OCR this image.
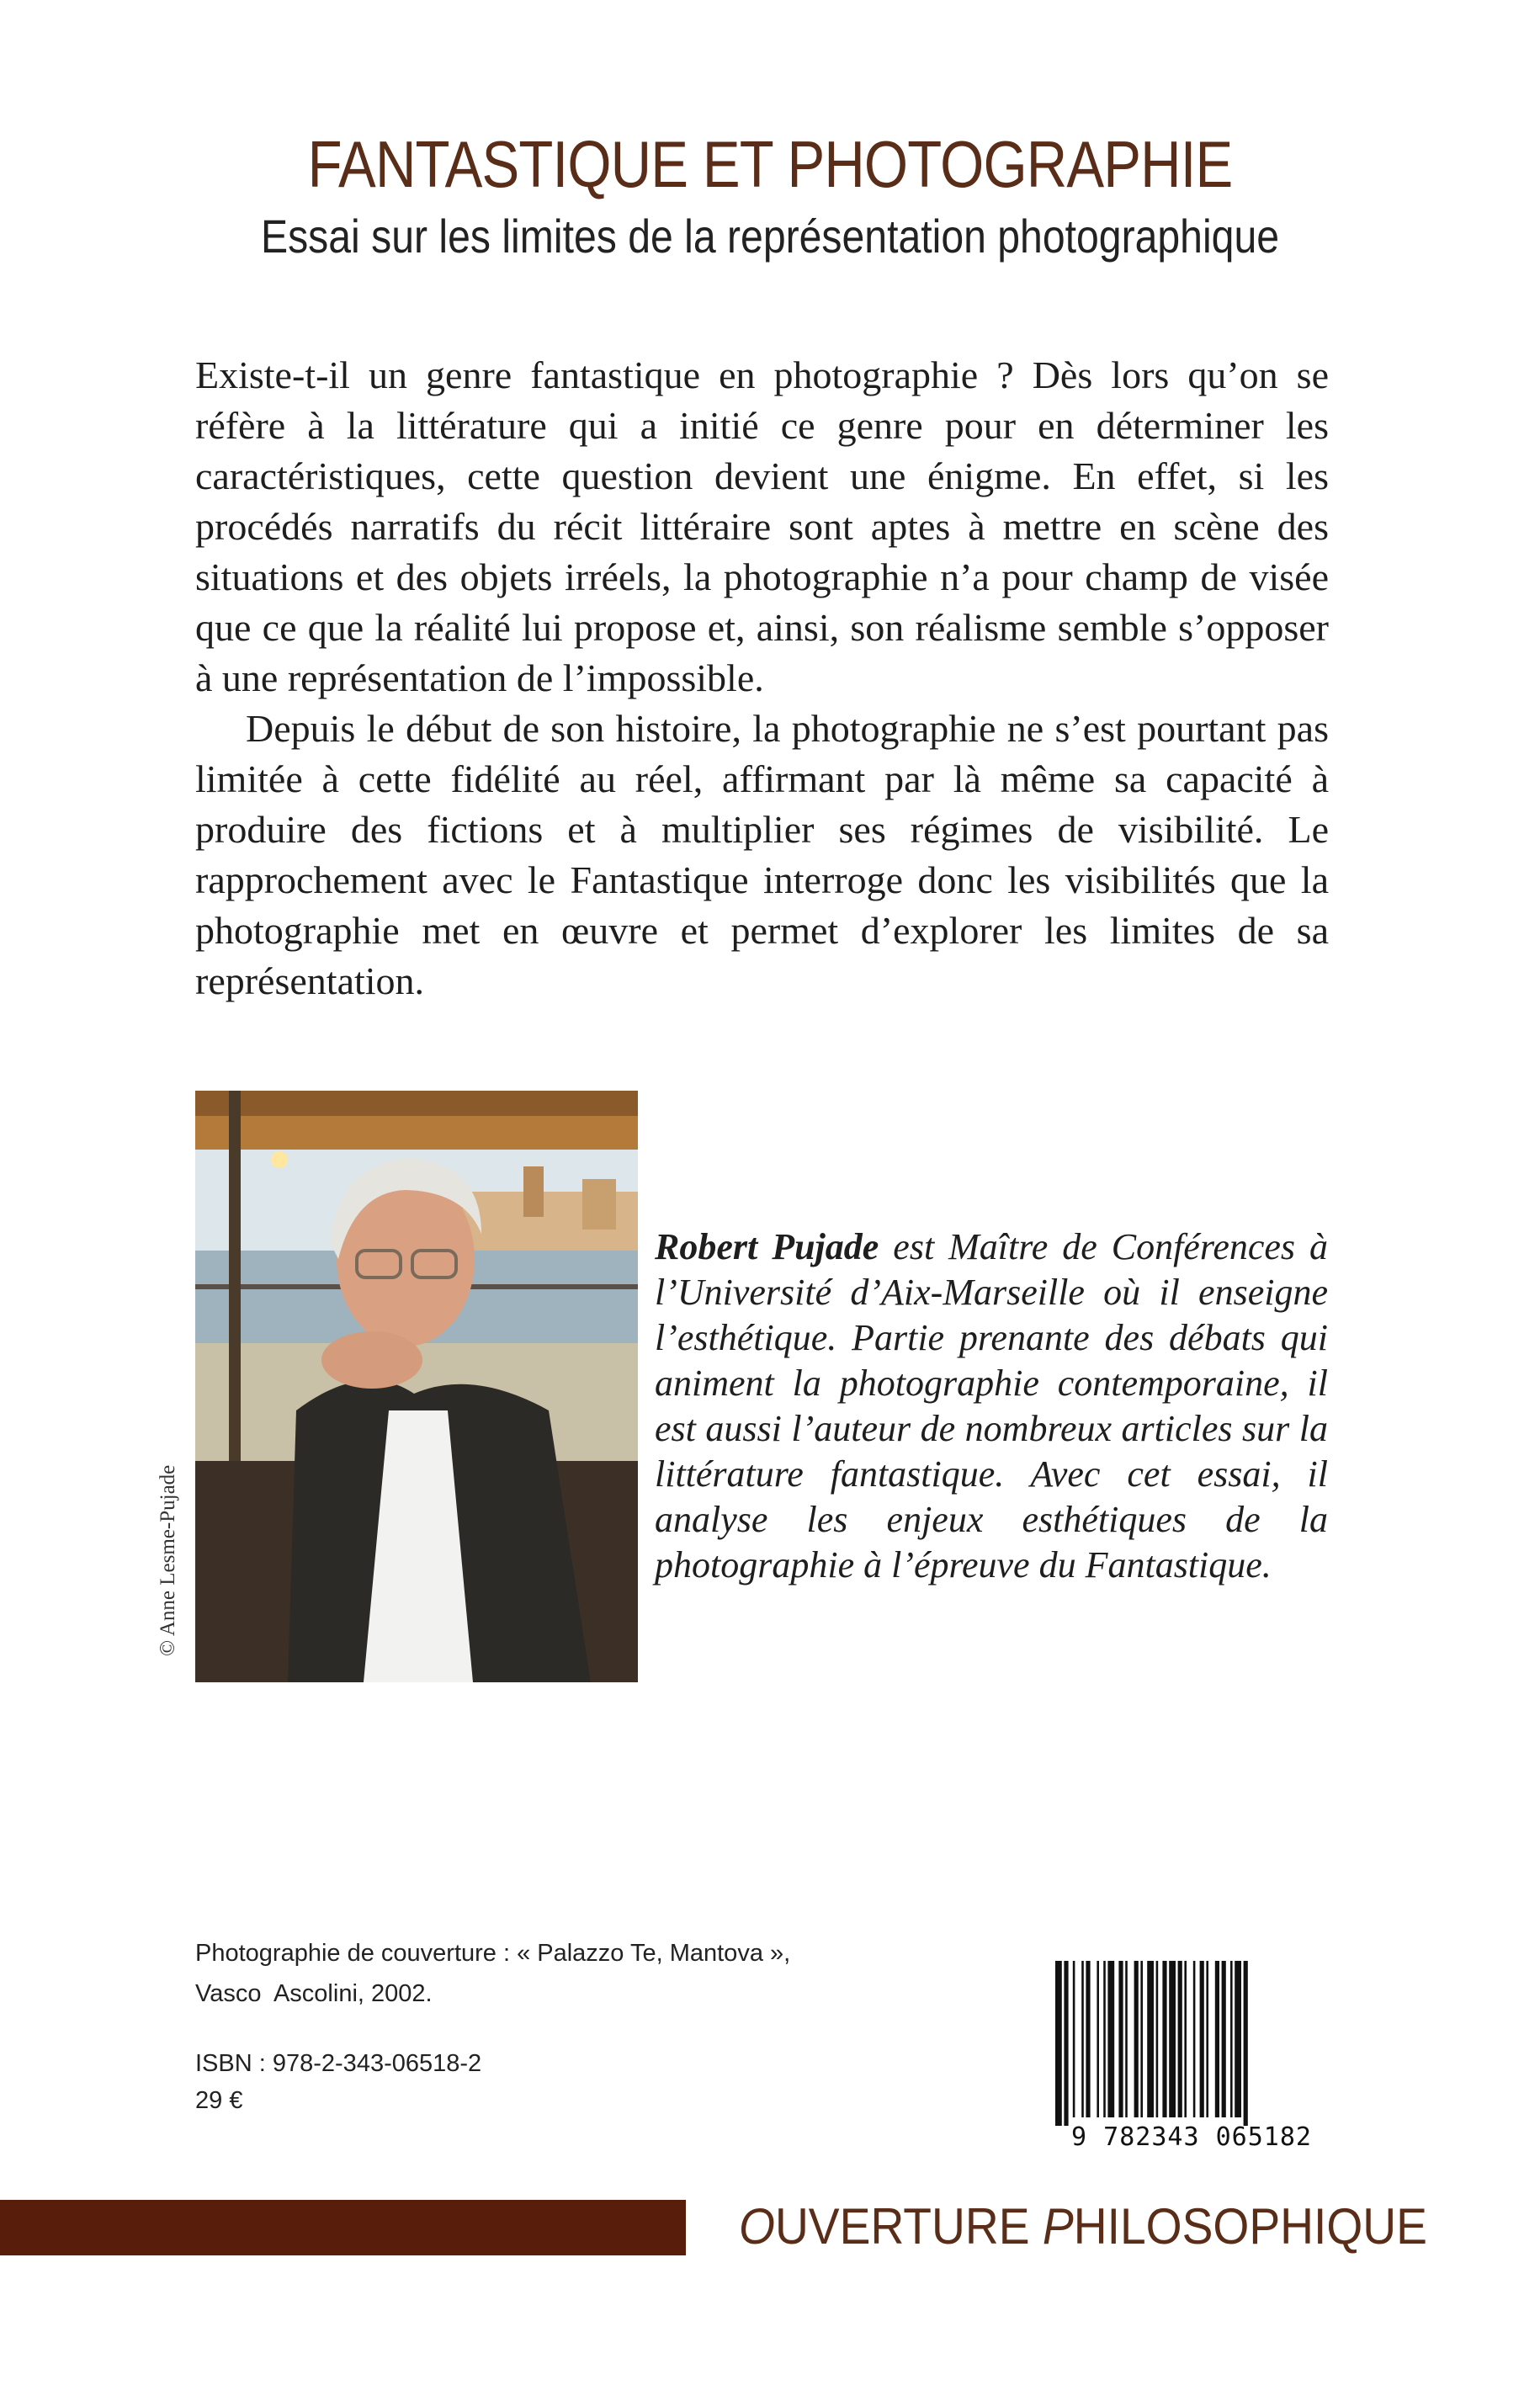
FANTASTIQUE ET PHOTOGRAPHIE
Essai sur les limites de la représentation photographique

Existe-t-il un genre fantastique en photographie ? Dès lors qu’on se réfère à la littérature qui a initié ce genre pour en déterminer les caractéristiques, cette question devient une énigme. En effet, si les procédés narratifs du récit littéraire sont aptes à mettre en scène des situations et des objets irréels, la photographie n’a pour champ de visée que ce que la réalité lui propose et, ainsi, son réalisme semble s’opposer à une représentation de l’impossible.

Depuis le début de son histoire, la photographie ne s’est pourtant pas limitée à cette fidélité au réel, affirmant par là même sa capacité à produire des fictions et à multiplier ses régimes de visibilité. Le rapprochement avec le Fantastique interroge donc les visibilités que la photographie met en œuvre et permet d’explorer les limites de sa représentation.

© Anne Lesme-Pujade
Robert Pujade est Maître de Conférences à l’Université d’Aix-Marseille où il enseigne l’esthétique. Partie prenante des débats qui animent la photographie contemporaine, il est aussi l’auteur de nombreux articles sur la littérature fantastique. Avec cet essai, il analyse les enjeux esthétiques de la photographie à l’épreuve du Fantastique.
Photographie de couverture : « Palazzo Te, Mantova »,
Vasco  Ascolini, 2002.
ISBN : 978-2-343-06518-2
29 €
9 782343 065182
OUVERTURE PHILOSOPHIQUE
